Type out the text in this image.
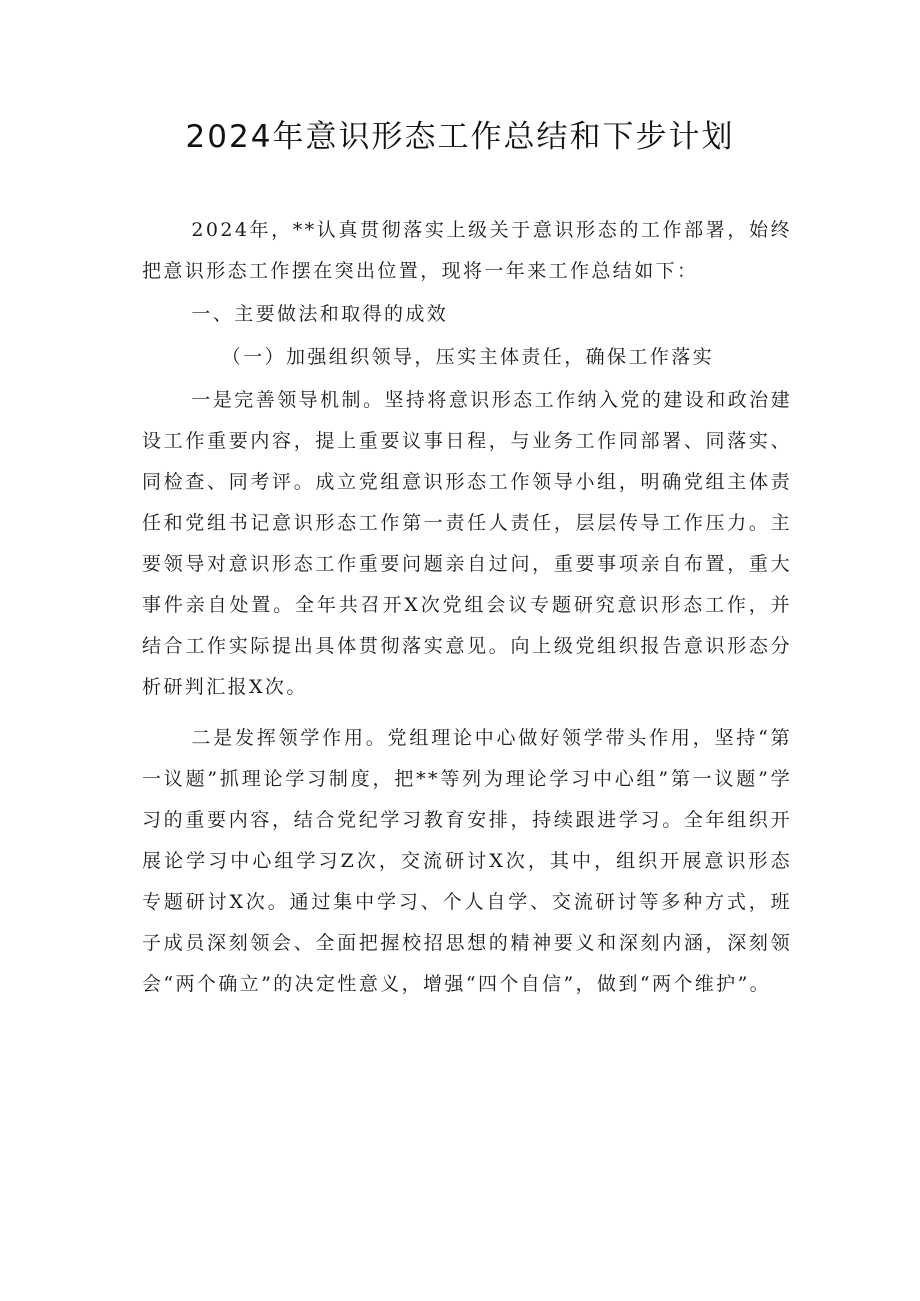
2024年意识形态工作总结和下步计划

2024年，**认真贯彻落实上级关于意识形态的工作部署，始终把意识形态工作摆在突出位置，现将一年来工作总结如下：

一、主要做法和取得的成效

（一）加强组织领导，压实主体责任，确保工作落实

一是完善领导机制。坚持将意识形态工作纳入党的建设和政治建设工作重要内容，提上重要议事日程，与业务工作同部署、同落实、同检查、同考评。成立党组意识形态工作领导小组，明确党组主体责任和党组书记意识形态工作第一责任人责任，层层传导工作压力。主要领导对意识形态工作重要问题亲自过问，重要事项亲自布置，重大事件亲自处置。全年共召开X次党组会议专题研究意识形态工作，并结合工作实际提出具体贯彻落实意见。向上级党组织报告意识形态分析研判汇报X次。

二是发挥领学作用。党组理论中心做好领学带头作用，坚持“第一议题”抓理论学习制度，把**等列为理论学习中心组”第一议题”学习的重要内容，结合党纪学习教育安排，持续跟进学习。全年组织开展论学习中心组学习Z次，交流研讨X次，其中，组织开展意识形态专题研讨X次。通过集中学习、个人自学、交流研讨等多种方式，班子成员深刻领会、全面把握校招思想的精神要义和深刻内涵，深刻领会“两个确立”的决定性意义，增强“四个自信”，做到“两个维护”。
